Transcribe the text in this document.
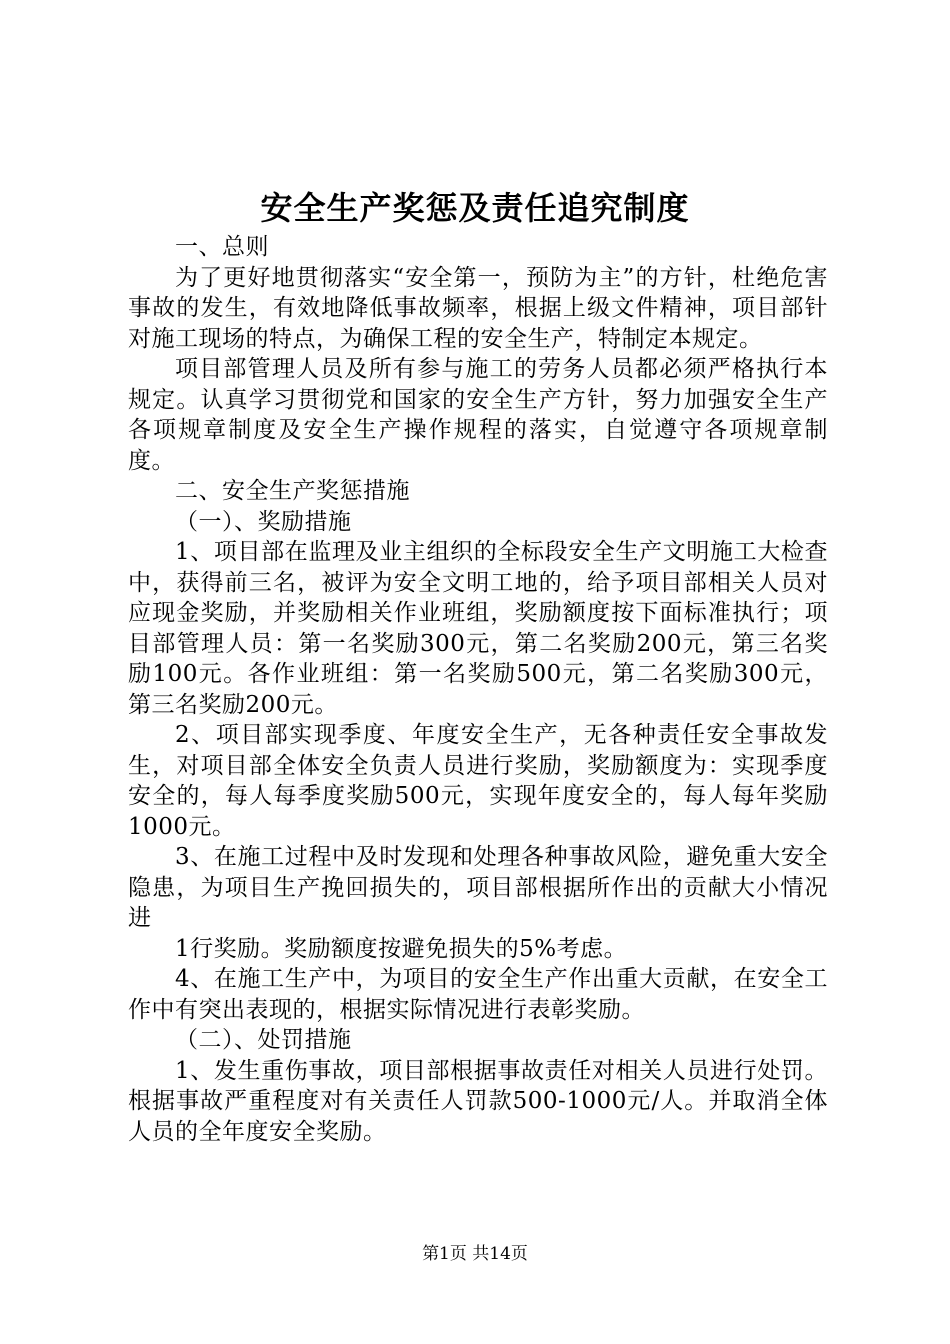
安全生产奖惩及责任追究制度

一、总则

为了更好地贯彻落实“安全第一，预防为主”的方针，杜绝危害事故的发生，有效地降低事故频率，根据上级文件精神，项目部针对施工现场的特点，为确保工程的安全生产，特制定本规定。

项目部管理人员及所有参与施工的劳务人员都必须严格执行本规定。认真学习贯彻党和国家的安全生产方针，努力加强安全生产各项规章制度及安全生产操作规程的落实，自觉遵守各项规章制度。

二、安全生产奖惩措施

（一）、奖励措施

1、项目部在监理及业主组织的全标段安全生产文明施工大检查中，获得前三名，被评为安全文明工地的，给予项目部相关人员对应现金奖励，并奖励相关作业班组，奖励额度按下面标准执行；项目部管理人员：第一名奖励300元，第二名奖励200元，第三名奖励100元。各作业班组：第一名奖励500元，第二名奖励300元，第三名奖励200元。

2、项目部实现季度、年度安全生产，无各种责任安全事故发生，对项目部全体安全负责人员进行奖励，奖励额度为：实现季度安全的，每人每季度奖励500元，实现年度安全的，每人每年奖励1000元。

3、在施工过程中及时发现和处理各种事故风险，避免重大安全隐患，为项目生产挽回损失的，项目部根据所作出的贡献大小情况进

1行奖励。奖励额度按避免损失的5%考虑。

4、在施工生产中，为项目的安全生产作出重大贡献，在安全工作中有突出表现的，根据实际情况进行表彰奖励。

（二）、处罚措施

1、发生重伤事故，项目部根据事故责任对相关人员进行处罚。根据事故严重程度对有关责任人罚款500-1000元/人。并取消全体人员的全年度安全奖励。

第1页 共14页
